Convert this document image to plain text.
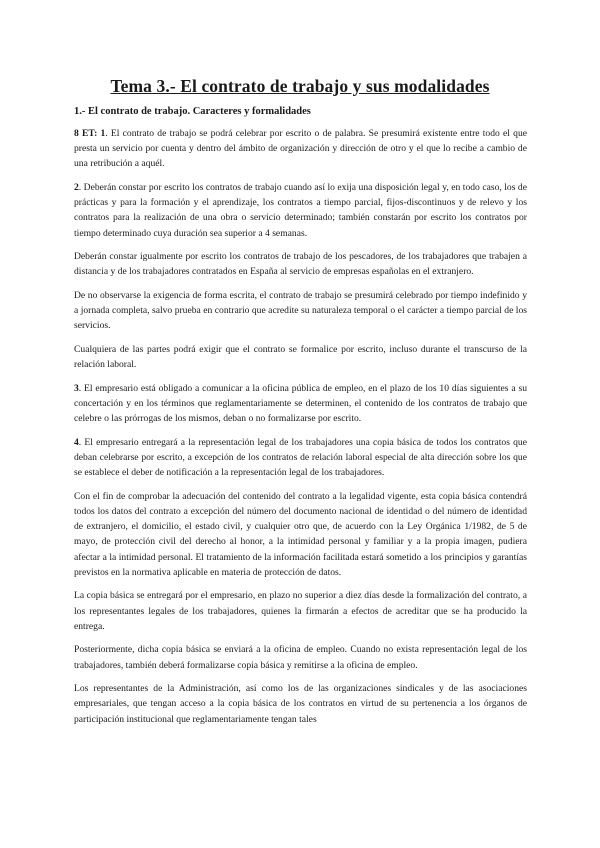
Tema 3.- El contrato de trabajo y sus modalidades
1.- El contrato de trabajo. Caracteres y formalidades

8 ET: 1. El contrato de trabajo se podrá celebrar por escrito o de palabra. Se presumirá existente entre todo el que presta un servicio por cuenta y dentro del ámbito de organización y dirección de otro y el que lo recibe a cambio de una retribución a aquél.

2. Deberán constar por escrito los contratos de trabajo cuando así lo exija una disposición legal y, en todo caso, los de prácticas y para la formación y el aprendizaje, los contratos a tiempo parcial, fijos-discontinuos y de relevo y los contratos para la realización de una obra o servicio determinado; también constarán por escrito los contratos por tiempo determinado cuya duración sea superior a 4 semanas.

Deberán constar igualmente por escrito los contratos de trabajo de los pescadores, de los trabajadores que trabajen a distancia y de los trabajadores contratados en España al servicio de empresas españolas en el extranjero.

De no observarse la exigencia de forma escrita, el contrato de trabajo se presumirá celebrado por tiempo indefinido y a jornada completa, salvo prueba en contrario que acredite su naturaleza temporal o el carácter a tiempo parcial de los servicios.

Cualquiera de las partes podrá exigir que el contrato se formalice por escrito, incluso durante el transcurso de la relación laboral.

3. El empresario está obligado a comunicar a la oficina pública de empleo, en el plazo de los 10 días siguientes a su concertación y en los términos que reglamentariamente se determinen, el contenido de los contratos de trabajo que celebre o las prórrogas de los mismos, deban o no formalizarse por escrito.

4. El empresario entregará a la representación legal de los trabajadores una copia básica de todos los contratos que deban celebrarse por escrito, a excepción de los contratos de relación laboral especial de alta dirección sobre los que se establece el deber de notificación a la representación legal de los trabajadores.

Con el fin de comprobar la adecuación del contenido del contrato a la legalidad vigente, esta copia básica contendrá todos los datos del contrato a excepción del número del documento nacional de identidad o del número de identidad de extranjero, el domicilio, el estado civil, y cualquier otro que, de acuerdo con la Ley Orgánica 1/1982, de 5 de mayo, de protección civil del derecho al honor, a la intimidad personal y familiar y a la propia imagen, pudiera afectar a la intimidad personal. El tratamiento de la información facilitada estará sometido a los principios y garantías previstos en la normativa aplicable en materia de protección de datos.

La copia básica se entregará por el empresario, en plazo no superior a diez días desde la formalización del contrato, a los representantes legales de los trabajadores, quienes la firmarán a efectos de acreditar que se ha producido la entrega.

Posteriormente, dicha copia básica se enviará a la oficina de empleo. Cuando no exista representación legal de los trabajadores, también deberá formalizarse copia básica y remitirse a la oficina de empleo.

Los representantes de la Administración, así como los de las organizaciones sindicales y de las asociaciones empresariales, que tengan acceso a la copia básica de los contratos en virtud de su pertenencia a los órganos de participación institucional que reglamentariamente tengan tales
